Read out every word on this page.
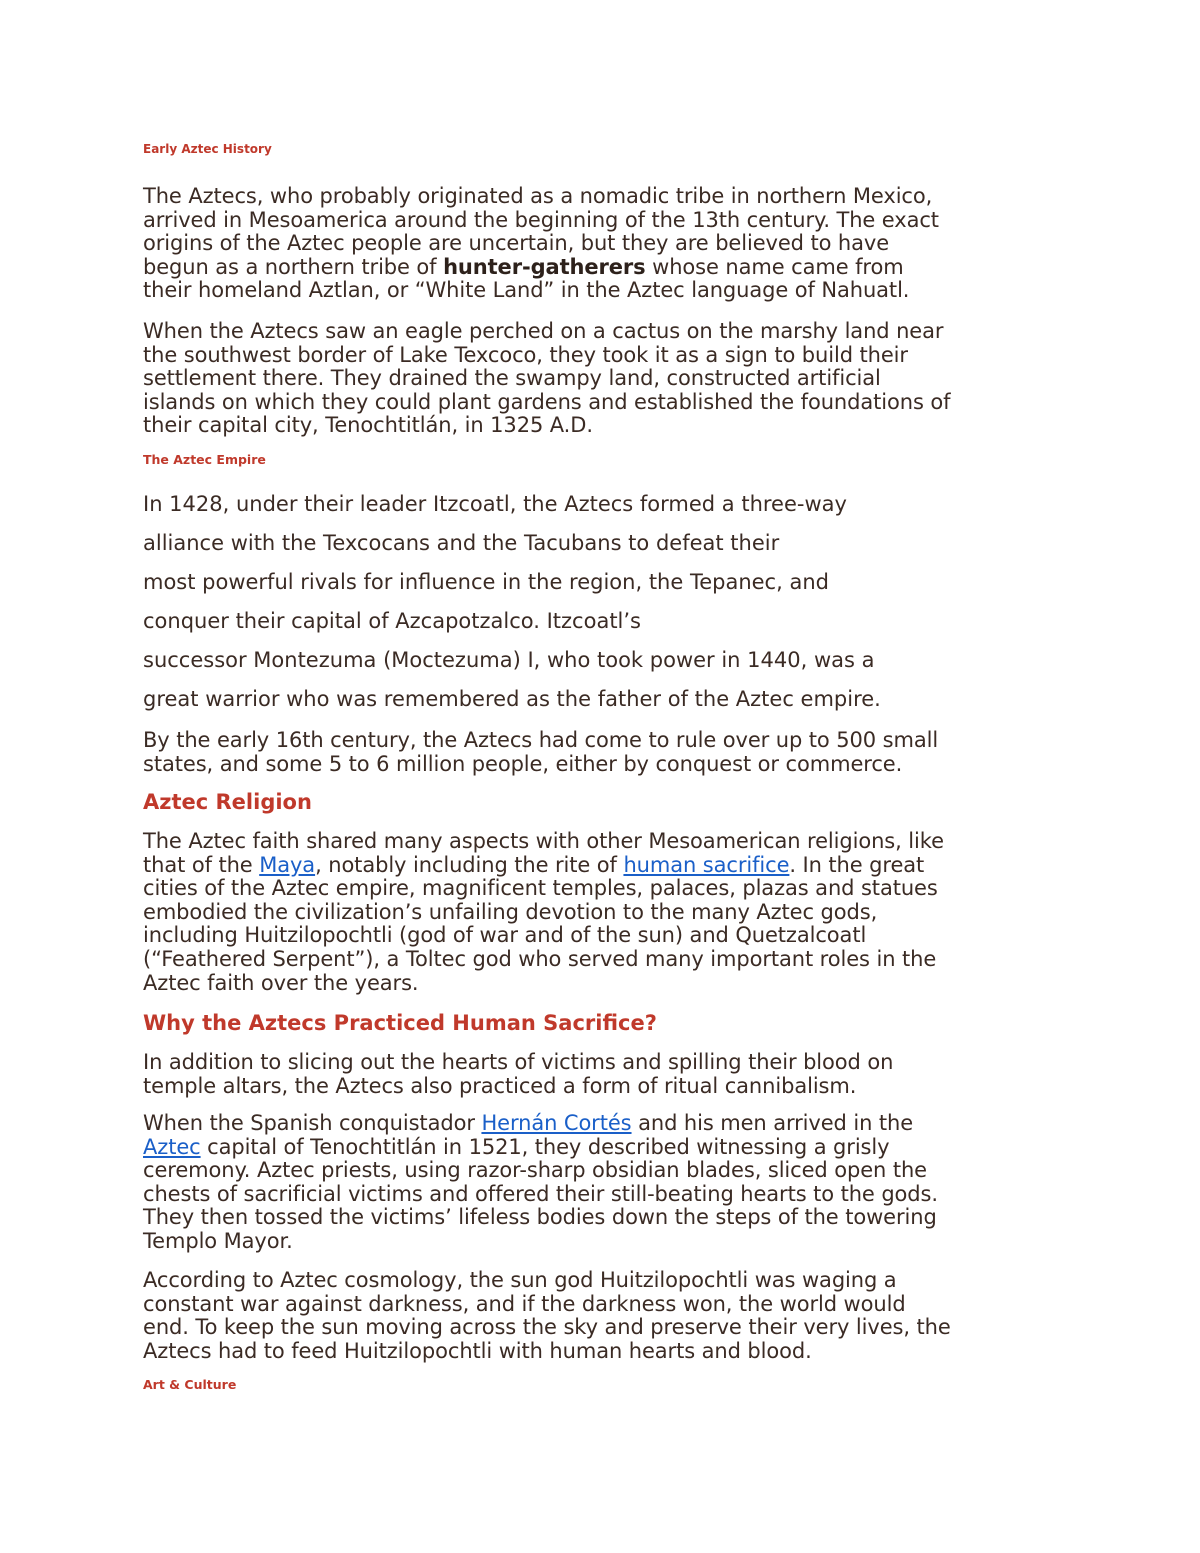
Early Aztec History

The Aztecs, who probably originated as a nomadic tribe in northern Mexico,
arrived in Mesoamerica around the beginning of the 13th century. The exact
origins of the Aztec people are uncertain, but they are believed to have
begun as a northern tribe of hunter-gatherers whose name came from
their homeland Aztlan, or “White Land” in the Aztec language of Nahuatl.

When the Aztecs saw an eagle perched on a cactus on the marshy land near
the southwest border of Lake Texcoco, they took it as a sign to build their
settlement there. They drained the swampy land, constructed artificial
islands on which they could plant gardens and established the foundations of
their capital city, Tenochtitlán, in 1325 A.D.

The Aztec Empire

In 1428, under their leader Itzcoatl, the Aztecs formed a three-way

alliance with the Texcocans and the Tacubans to defeat their

most powerful rivals for influence in the region, the Tepanec, and

conquer their capital of Azcapotzalco. Itzcoatl’s

successor Montezuma (Moctezuma) I, who took power in 1440, was a

great warrior who was remembered as the father of the Aztec empire.

By the early 16th century, the Aztecs had come to rule over up to 500 small
states, and some 5 to 6 million people, either by conquest or commerce.

Aztec Religion

The Aztec faith shared many aspects with other Mesoamerican religions, like
that of the Maya, notably including the rite of human sacrifice. In the great
cities of the Aztec empire, magnificent temples, palaces, plazas and statues
embodied the civilization’s unfailing devotion to the many Aztec gods,
including Huitzilopochtli (god of war and of the sun) and Quetzalcoatl
(“Feathered Serpent”), a Toltec god who served many important roles in the
Aztec faith over the years.

Why the Aztecs Practiced Human Sacrifice?

In addition to slicing out the hearts of victims and spilling their blood on
temple altars, the Aztecs also practiced a form of ritual cannibalism.

When the Spanish conquistador Hernán Cortés and his men arrived in the
Aztec capital of Tenochtitlán in 1521, they described witnessing a grisly
ceremony. Aztec priests, using razor-sharp obsidian blades, sliced open the
chests of sacrificial victims and offered their still-beating hearts to the gods.
They then tossed the victims’ lifeless bodies down the steps of the towering
Templo Mayor.

According to Aztec cosmology, the sun god Huitzilopochtli was waging a
constant war against darkness, and if the darkness won, the world would
end. To keep the sun moving across the sky and preserve their very lives, the
Aztecs had to feed Huitzilopochtli with human hearts and blood.

Art & Culture
